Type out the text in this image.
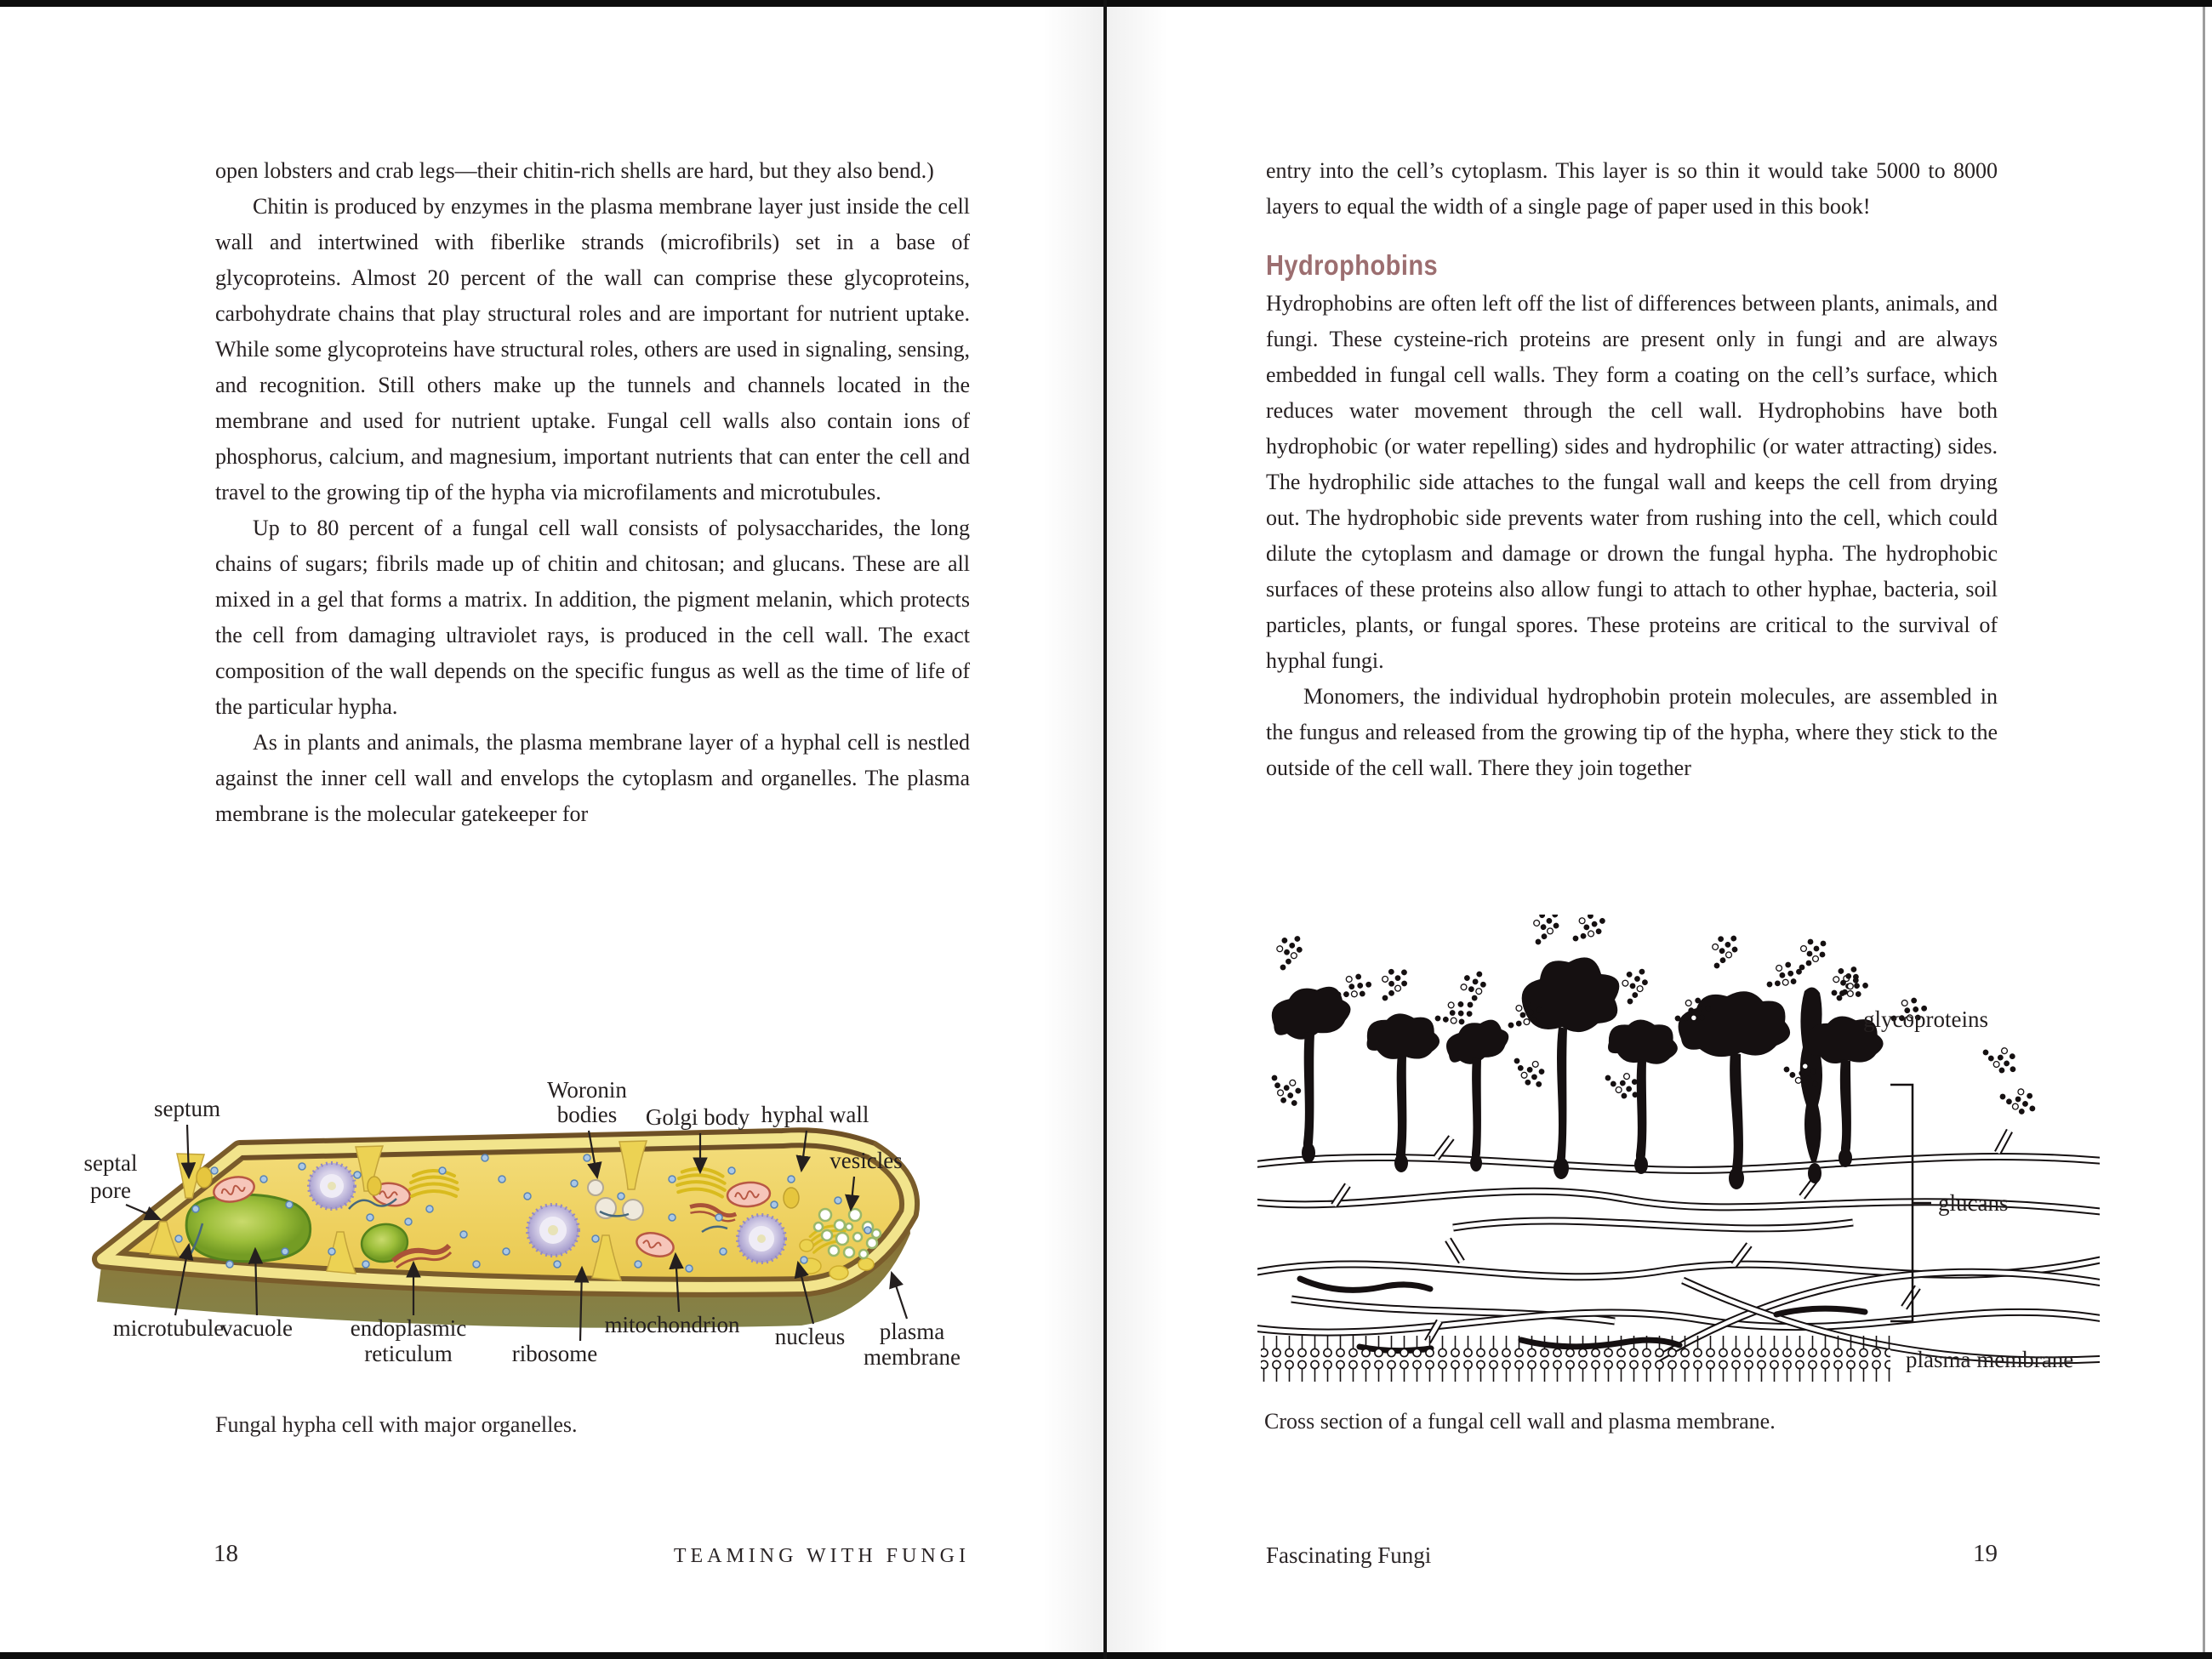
open lobsters and crab legs—their chitin-rich shells are hard, but they also bend.)

Chitin is produced by enzymes in the plasma membrane layer just inside the cell wall and intertwined with fiberlike strands (microfibrils) set in a base of glycoproteins. Almost 20 percent of the wall can comprise these glycoproteins, carbohydrate chains that play structural roles and are important for nutrient uptake. While some glycoproteins have structural roles, others are used in signaling, sensing, and recognition. Still others make up the tunnels and channels located in the membrane and used for nutrient uptake. Fungal cell walls also contain ions of phosphorus, calcium, and magnesium, important nutrients that can enter the cell and travel to the growing tip of the hypha via microfilaments and microtubules.

Up to 80 percent of a fungal cell wall consists of polysaccharides, the long chains of sugars; fibrils made up of chitin and chitosan; and glucans. These are all mixed in a gel that forms a matrix. In addition, the pigment melanin, which protects the cell from damaging ultraviolet rays, is produced in the cell wall. The exact composition of the wall depends on the specific fungus as well as the time of life of the particular hypha.

As in plants and animals, the plasma membrane layer of a hyphal cell is nestled against the inner cell wall and envelops the cytoplasm and organelles. The plasma membrane is the molecular gatekeeper for

septum
septal
pore
Woronin
bodies Golgi body hyphal wall
vesicles
microtubule
vacuole	endoplasmic
reticulum	ribosome
mitochondrion nucleus plasma
membrane
Fungal hypha cell with major organelles.
18	TEAMING WITH FUNGI

entry into the cell’s cytoplasm. This layer is so thin it would take 5000 to 8000 layers to equal the width of a single page of paper used in this book!

Hydrophobins

Hydrophobins are often left off the list of differences between plants, animals, and fungi. These cysteine-rich proteins are present only in fungi and are always embedded in fungal cell walls. They form a coating on the cell’s surface, which reduces water movement through the cell wall. Hydrophobins have both hydrophobic (or water repelling) sides and hydrophilic (or water attracting) sides. The hydrophilic side attaches to the fungal wall and keeps the cell from drying out. The hydrophobic side prevents water from rushing into the cell, which could dilute the cytoplasm and damage or drown the fungal hypha. The hydrophobic surfaces of these proteins also allow fungi to attach to other hyphae, bacteria, soil particles, plants, or fungal spores. These proteins are critical to the survival of hyphal fungi.

Monomers, the individual hydrophobin protein molecules, are assembled in the fungus and released from the growing tip of the hypha, where they stick to the outside of the cell wall. There they join together

glycoproteins
glucans
plasma membrane
Cross section of a fungal cell wall and plasma membrane.
19
Fascinating Fungi
